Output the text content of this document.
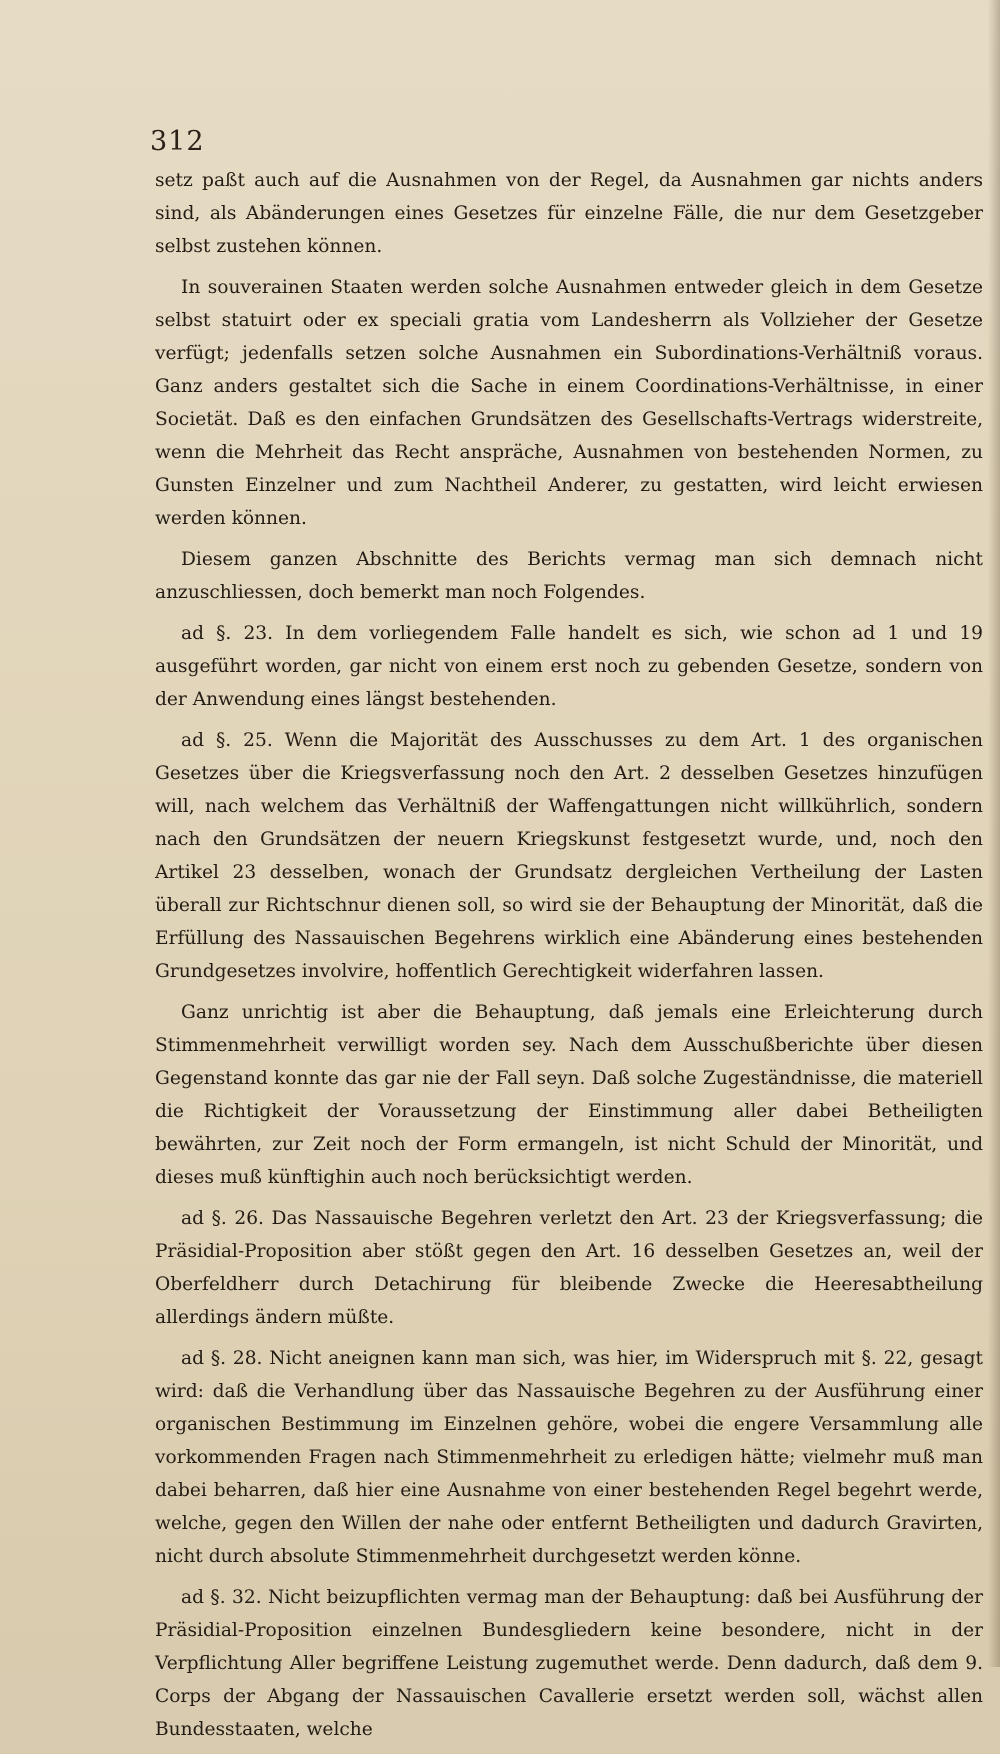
312

setz paßt auch auf die Ausnahmen von der Regel, da Ausnahmen gar nichts anders sind, als Abänderungen eines Gesetzes für einzelne Fälle, die nur dem Gesetzgeber selbst zustehen können.

In souverainen Staaten werden solche Ausnahmen entweder gleich in dem Gesetze selbst statuirt oder ex speciali gratia vom Landesherrn als Vollzieher der Gesetze verfügt; jedenfalls setzen solche Ausnahmen ein Subordinations-Verhältniß voraus. Ganz anders gestaltet sich die Sache in einem Coordinations-Verhältnisse, in einer Societät. Daß es den einfachen Grundsätzen des Gesellschafts-Vertrags widerstreite, wenn die Mehrheit das Recht anspräche, Ausnahmen von bestehenden Normen, zu Gunsten Einzelner und zum Nachtheil Anderer, zu gestatten, wird leicht erwiesen werden können.

Diesem ganzen Abschnitte des Berichts vermag man sich demnach nicht anzuschliessen, doch bemerkt man noch Folgendes.

ad §. 23. In dem vorliegendem Falle handelt es sich, wie schon ad 1 und 19 ausgeführt worden, gar nicht von einem erst noch zu gebenden Gesetze, sondern von der Anwendung eines längst bestehenden.

ad §. 25. Wenn die Majorität des Ausschusses zu dem Art. 1 des organischen Gesetzes über die Kriegsverfassung noch den Art. 2 desselben Gesetzes hinzufügen will, nach welchem das Verhältniß der Waffengattungen nicht willkührlich, sondern nach den Grundsätzen der neuern Kriegskunst festgesetzt wurde, und, noch den Artikel 23 desselben, wonach der Grundsatz dergleichen Vertheilung der Lasten überall zur Richtschnur dienen soll, so wird sie der Behauptung der Minorität, daß die Erfüllung des Nassauischen Begehrens wirklich eine Abänderung eines bestehenden Grundgesetzes involvire, hoffentlich Gerechtigkeit widerfahren lassen.

Ganz unrichtig ist aber die Behauptung, daß jemals eine Erleichterung durch Stimmenmehrheit verwilligt worden sey. Nach dem Ausschußberichte über diesen Gegenstand konnte das gar nie der Fall seyn. Daß solche Zugeständnisse, die materiell die Richtigkeit der Voraussetzung der Einstimmung aller dabei Betheiligten bewährten, zur Zeit noch der Form ermangeln, ist nicht Schuld der Minorität, und dieses muß künftighin auch noch berücksichtigt werden.

ad §. 26. Das Nassauische Begehren verletzt den Art. 23 der Kriegsverfassung; die Präsidial-Proposition aber stößt gegen den Art. 16 desselben Gesetzes an, weil der Oberfeldherr durch Detachirung für bleibende Zwecke die Heeresabtheilung allerdings ändern müßte.

ad §. 28. Nicht aneignen kann man sich, was hier, im Widerspruch mit §. 22, gesagt wird: daß die Verhandlung über das Nassauische Begehren zu der Ausführung einer organischen Bestimmung im Einzelnen gehöre, wobei die engere Versammlung alle vorkommenden Fragen nach Stimmenmehrheit zu erledigen hätte; vielmehr muß man dabei beharren, daß hier eine Ausnahme von einer bestehenden Regel begehrt werde, welche, gegen den Willen der nahe oder entfernt Betheiligten und dadurch Gravirten, nicht durch absolute Stimmenmehrheit durchgesetzt werden könne.

ad §. 32. Nicht beizupflichten vermag man der Behauptung: daß bei Ausführung der Präsidial-Proposition einzelnen Bundesgliedern keine besondere, nicht in der Verpflichtung Aller begriffene Leistung zugemuthet werde. Denn dadurch, daß dem 9. Corps der Abgang der Nassauischen Cavallerie ersetzt werden soll, wächst allen Bundesstaaten, welche
